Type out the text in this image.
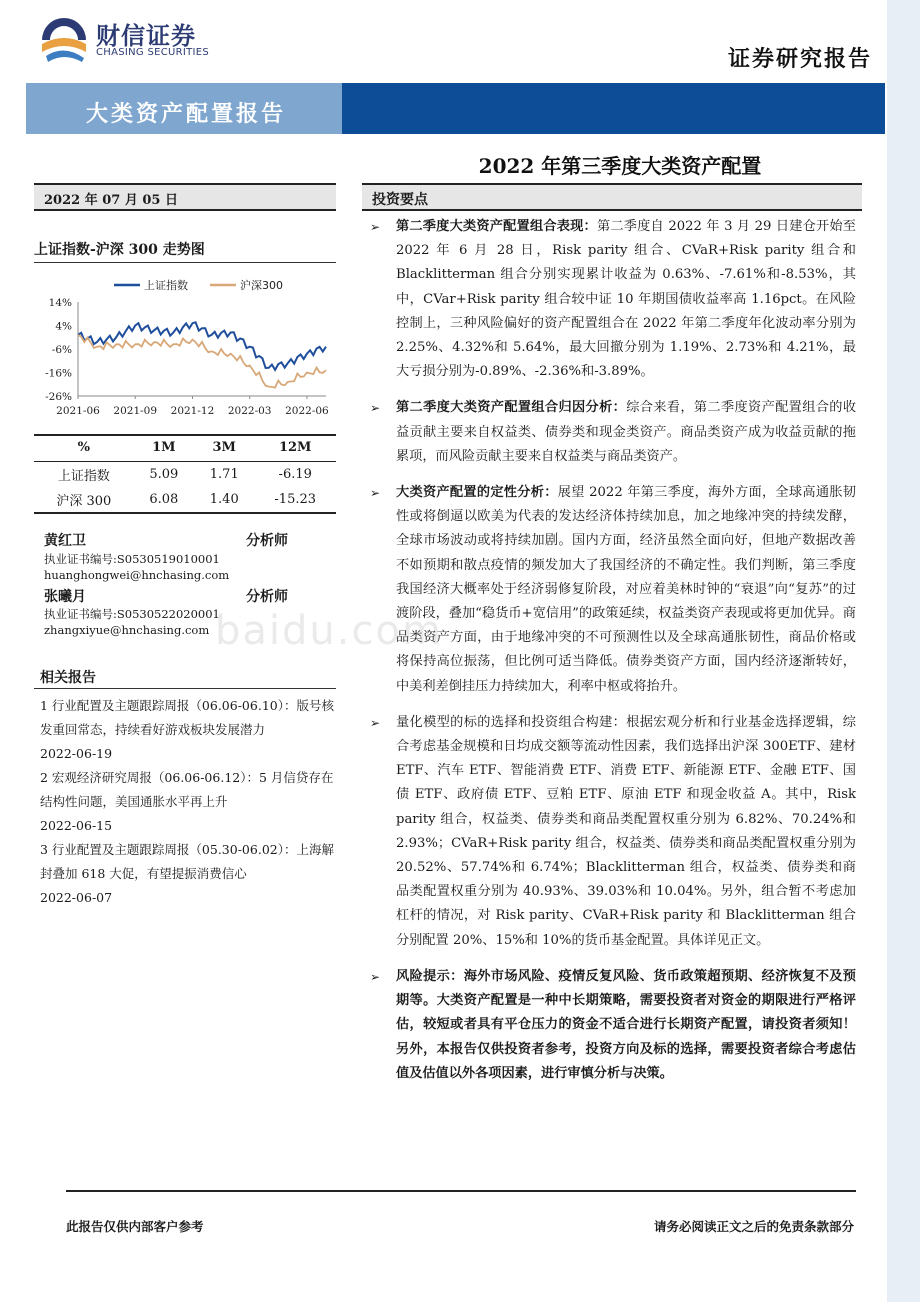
财信证券
CHASING SECURITIES	证券研究报告
大类资产配置报告
2022 年第三季度大类资产配置
2022 年 07 月 05 日
上证指数-沪深 300 走势图
上证指数	沪深300
14%
4%
-6%
-16%
-26%
2021-06 2021-09 2021-12 2022-03 2022-06
%	1M	3M	12M
上证指数	5.09	1.71	-6.19
沪深 300	6.08	1.40	-15.23
黄红卫	分析师
执业证书编号:S0530519010001
huanghongwei@hnchasing.com
张曦月	分析师
执业证书编号:S0530522020001
zhangxiyue@hnchasing.com
相关报告

1 行业配置及主题跟踪周报（06.06-06.10）：版号核发重回常态，持续看好游戏板块发展潜力

2022-06-19

2 宏观经济研究周报（06.06-06.12）：5 月信贷存在结构性问题，美国通胀水平再上升

2022-06-15

3 行业配置及主题跟踪周报（05.30-06.02）：上海解封叠加 618 大促，有望提振消费信心

2022-06-07

投资要点
➢ 第二季度大类资产配置组合表现：第二季度自 2022 年 3 月 29 日建仓开始至 2022 年 6 月 28 日，Risk parity 组合、CVaR+Risk parity 组合和 Blacklitterman 组合分别实现累计收益为 0.63%、-7.61%和-8.53%，其中，CVar+Risk parity 组合较中证 10 年期国债收益率高 1.16pct。在风险控制上，三种风险偏好的资产配置组合在 2022 年第二季度年化波动率分别为 2.25%、4.32%和 5.64%，最大回撤分别为 1.19%、2.73%和 4.21%，最大亏损分别为-0.89%、-2.36%和-3.89%。
➢ 第二季度大类资产配置组合归因分析：综合来看，第二季度资产配置组合的收益贡献主要来自权益类、债券类和现金类资产。商品类资产成为收益贡献的拖累项，而风险贡献主要来自权益类与商品类资产。
➢ 大类资产配置的定性分析：展望 2022 年第三季度，海外方面，全球高通胀韧性或将倒逼以欧美为代表的发达经济体持续加息，加之地缘冲突的持续发酵，全球市场波动或将持续加剧。国内方面，经济虽然全面向好，但地产数据改善不如预期和散点疫情的频发加大了我国经济的不确定性。我们判断，第三季度我国经济大概率处于经济弱修复阶段，对应着美林时钟的“衰退”向“复苏”的过渡阶段，叠加“稳货币+宽信用”的政策延续，权益类资产表现或将更加优异。商品类资产方面，由于地缘冲突的不可预测性以及全球高通胀韧性，商品价格或将保持高位振荡，但比例可适当降低。债券类资产方面，国内经济逐渐转好，中美利差倒挂压力持续加大，利率中枢或将抬升。
➢ 量化模型的标的选择和投资组合构建：根据宏观分析和行业基金选择逻辑，综合考虑基金规模和日均成交额等流动性因素，我们选择出沪深 300ETF、建材 ETF、汽车 ETF、智能消费 ETF、消费 ETF、新能源 ETF、金融 ETF、国债 ETF、政府债 ETF、豆粕 ETF、原油 ETF 和现金收益 A。其中，Risk parity 组合，权益类、债券类和商品类配置权重分别为 6.82%、70.24%和 2.93%；CVaR+Risk parity 组合，权益类、债券类和商品类配置权重分别为 20.52%、57.74%和 6.74%；Blacklitterman 组合，权益类、债券类和商品类配置权重分别为 40.93%、39.03%和 10.04%。另外，组合暂不考虑加杠杆的情况，对 Risk parity、CVaR+Risk parity 和 Blacklitterman 组合分别配置 20%、15%和 10%的货币基金配置。具体详见正文。
➢ 风险提示：海外市场风险、疫情反复风险、货币政策超预期、经济恢复不及预期等。大类资产配置是一种中长期策略，需要投资者对资金的期限进行严格评估，较短或者具有平仓压力的资金不适合进行长期资产配置，请投资者须知！另外，本报告仅供投资者参考，投资方向及标的选择，需要投资者综合考虑估值及估值以外各项因素，进行审慎分析与决策。
baidu.com
此报告仅供内部客户参考	请务必阅读正文之后的免责条款部分
